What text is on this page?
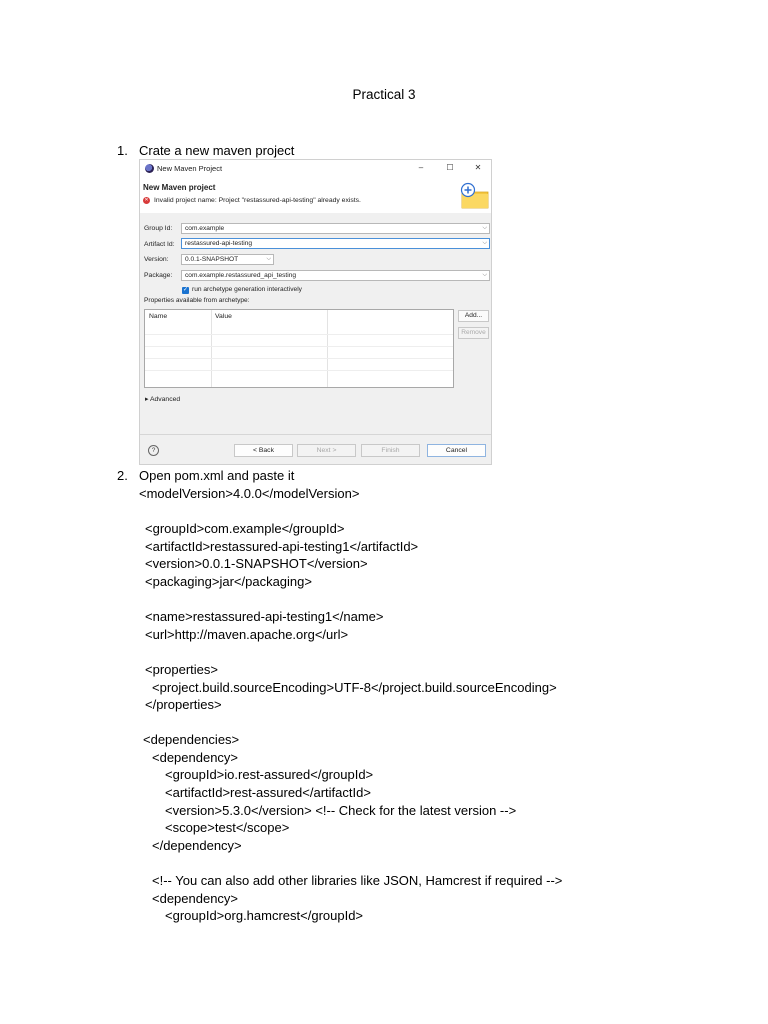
Practical 3
1. Crate a new maven project
New Maven Project	–	☐	✕
New Maven project
✕ Invalid project name: Project "restassured-api-testing" already exists.
Group Id:	com.example	⌵
Artifact Id:	restassured-api-testing	⌵
Version:	0.0.1-SNAPSHOT	⌵
Package:	com.example.restassured_api_testing	⌵
✓ run archetype generation interactively
Properties available from archetype:
Name	Value	Add...
Remove
▸ Advanced
?	< Back	Next >	Finish	Cancel
2. Open pom.xml and paste it
<modelVersion>4.0.0</modelVersion>
<groupId>com.example</groupId>
<artifactId>restassured-api-testing1</artifactId>
<version>0.0.1-SNAPSHOT</version>
<packaging>jar</packaging>
<name>restassured-api-testing1</name>
<url>http://maven.apache.org</url>
<properties>
<project.build.sourceEncoding>UTF-8</project.build.sourceEncoding>
</properties>
<dependencies>
<dependency>
<groupId>io.rest-assured</groupId>
<artifactId>rest-assured</artifactId>
<version>5.3.0</version> <!-- Check for the latest version -->
<scope>test</scope>
</dependency>
<!-- You can also add other libraries like JSON, Hamcrest if required -->
<dependency>
<groupId>org.hamcrest</groupId>
